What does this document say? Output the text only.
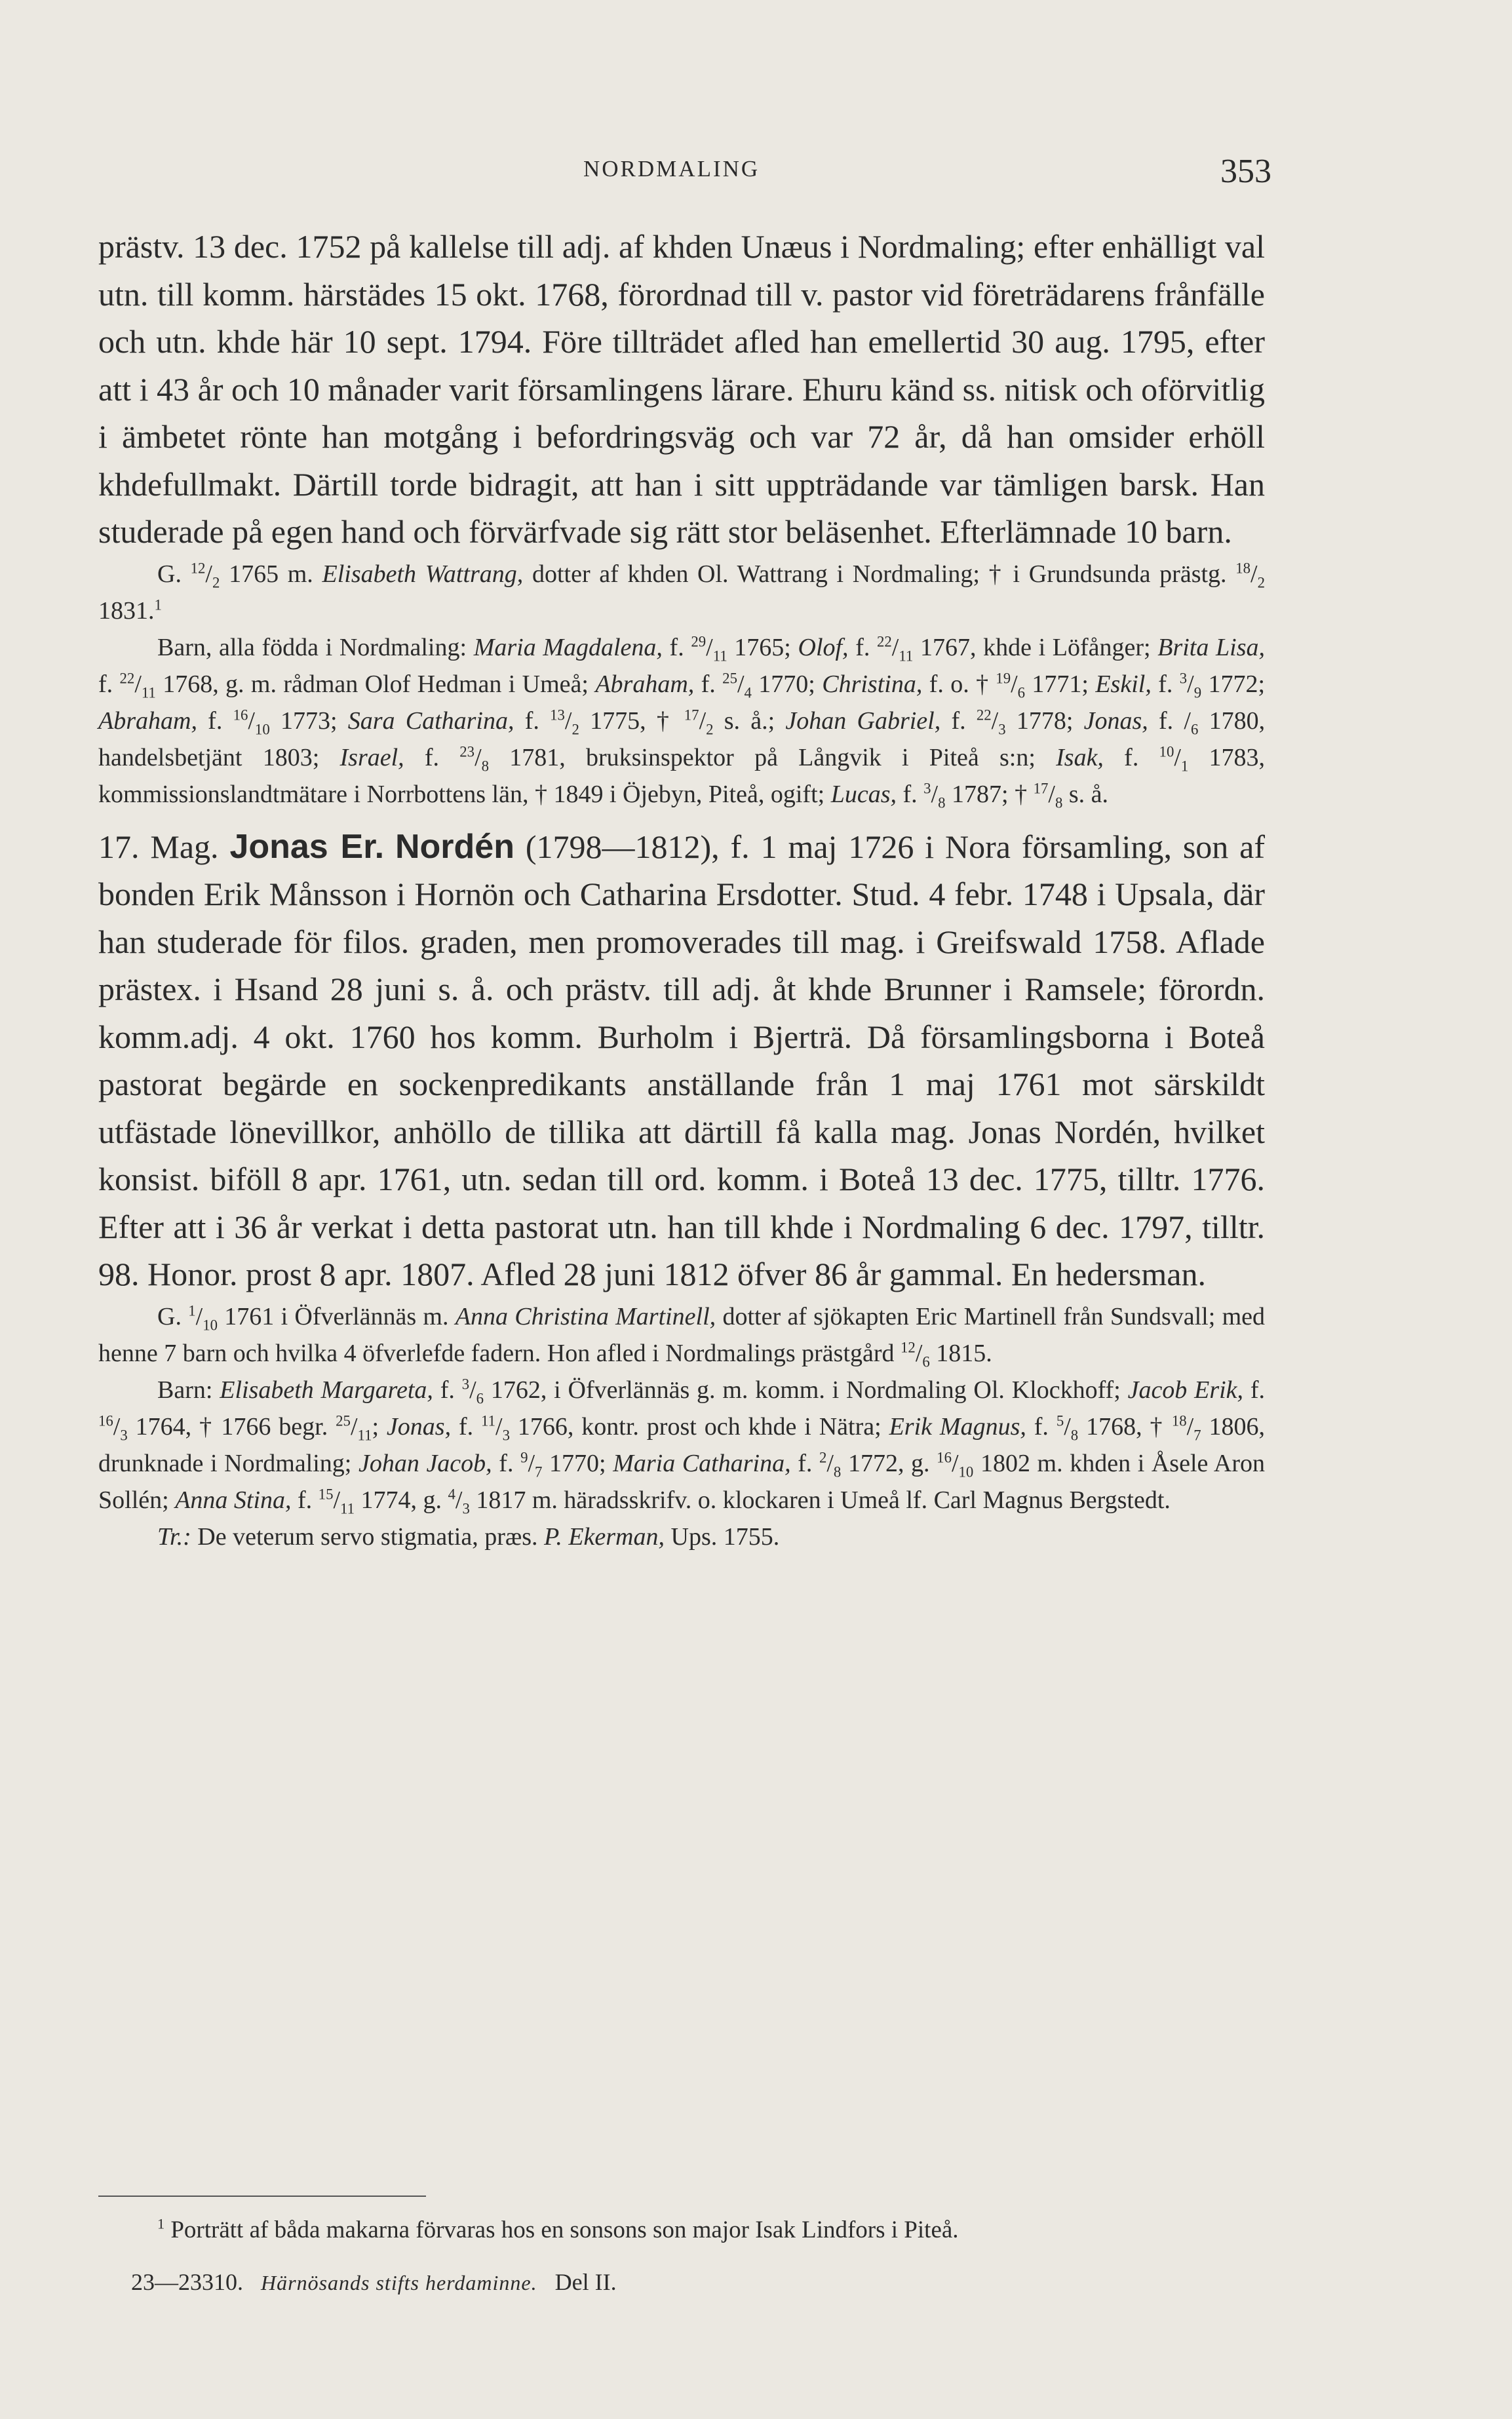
NORDMALING	353

prästv. 13 dec. 1752 på kallelse till adj. af khden Unæus i Nordmaling; efter enhälligt val utn. till komm. härstädes 15 okt. 1768, förordnad till v. pastor vid företrädarens frånfälle och utn. khde här 10 sept. 1794. Före tillträdet afled han emellertid 30 aug. 1795, efter att i 43 år och 10 månader varit församlingens lärare. Ehuru känd ss. nitisk och oförvitlig i ämbetet rönte han motgång i befordringsväg och var 72 år, då han omsider erhöll khdefullmakt. Därtill torde bidragit, att han i sitt uppträdande var tämligen barsk. Han studerade på egen hand och förvärfvade sig rätt stor beläsenhet. Efterlämnade 10 barn.

G. $^{12}/_2$ 1765 m. Elisabeth Wattrang, dotter af khden Ol. Wattrang i Nordmaling; † i Grundsunda prästg. $^{18}/_2$ 1831.$^1$

Barn, alla födda i Nordmaling: Maria Magdalena, f. $^{29}/_{11}$ 1765; Olof, f. $^{22}/_{11}$ 1767, khde i Löfånger; Brita Lisa, f. $^{22}/_{11}$ 1768, g. m. rådman Olof Hedman i Umeå; Abraham, f. $^{25}/_4$ 1770; Christina, f. o. † $^{19}/_6$ 1771; Eskil, f. $^3/_9$ 1772; Abraham, f. $^{16}/_{10}$ 1773; Sara Catharina, f. $^{13}/_2$ 1775, † $^{17}/_2$ s. å.; Johan Gabriel, f. $^{22}/_3$ 1778; Jonas, f. $/_6$ 1780, handelsbetjänt 1803; Israel, f. $^{23}/_8$ 1781, bruksinspektor på Långvik i Piteå s:n; Isak, f. $^{10}/_1$ 1783, kommissionslandtmätare i Norrbottens län, † 1849 i Öjebyn, Piteå, ogift; Lucas, f. $^3/_8$ 1787; † $^{17}/_8$ s. å.

17. Mag. Jonas Er. Nordén (1798—1812), f. 1 maj 1726 i Nora församling, son af bonden Erik Månsson i Hornön och Catharina Ersdotter. Stud. 4 febr. 1748 i Upsala, där han studerade för filos. graden, men promoverades till mag. i Greifswald 1758. Aflade prästex. i Hsand 28 juni s. å. och prästv. till adj. åt khde Brunner i Ramsele; förordn. komm.adj. 4 okt. 1760 hos komm. Burholm i Bjerträ. Då församlingsborna i Boteå pastorat begärde en sockenpredikants anställande från 1 maj 1761 mot särskildt utfästade lönevillkor, anhöllo de tillika att därtill få kalla mag. Jonas Nordén, hvilket konsist. biföll 8 apr. 1761, utn. sedan till ord. komm. i Boteå 13 dec. 1775, tilltr. 1776. Efter att i 36 år verkat i detta pastorat utn. han till khde i Nordmaling 6 dec. 1797, tilltr. 98. Honor. prost 8 apr. 1807. Afled 28 juni 1812 öfver 86 år gammal. En hedersman.

G. $^1/_{10}$ 1761 i Öfverlännäs m. Anna Christina Martinell, dotter af sjökapten Eric Martinell från Sundsvall; med henne 7 barn och hvilka 4 öfverlefde fadern. Hon afled i Nordmalings prästgård $^{12}/_6$ 1815.

Barn: Elisabeth Margareta, f. $^3/_6$ 1762, i Öfverlännäs g. m. komm. i Nordmaling Ol. Klockhoff; Jacob Erik, f. $^{16}/_3$ 1764, † 1766 begr. $^{25}/_{11}$; Jonas, f. $^{11}/_3$ 1766, kontr. prost och khde i Nätra; Erik Magnus, f. $^5/_8$ 1768, † $^{18}/_7$ 1806, drunknade i Nordmaling; Johan Jacob, f. $^9/_7$ 1770; Maria Catharina, f. $^2/_8$ 1772, g. $^{16}/_{10}$ 1802 m. khden i Åsele Aron Sollén; Anna Stina, f. $^{15}/_{11}$ 1774, g. $^4/_3$ 1817 m. häradsskrifv. o. klockaren i Umeå lf. Carl Magnus Bergstedt.

Tr.: De veterum servo stigmatia, præs. P. Ekerman, Ups. 1755.

$^1$ Porträtt af båda makarna förvaras hos en sonsons son major Isak Lindfors i Piteå.
23—23310. Härnösands stifts herdaminne. Del II.
